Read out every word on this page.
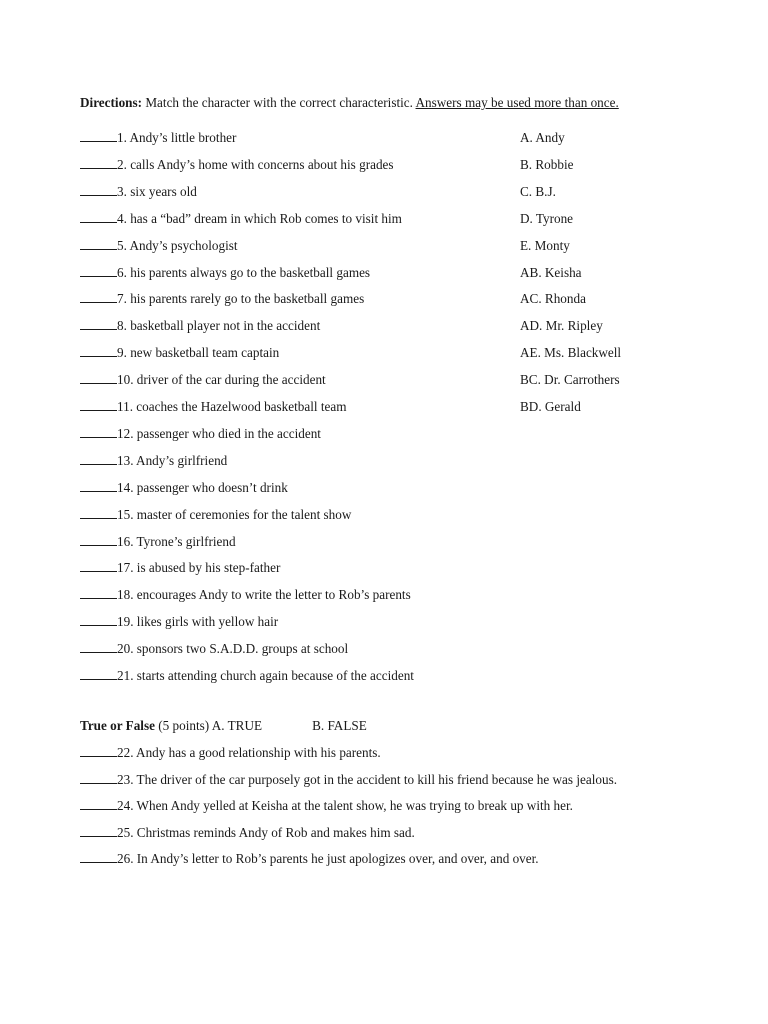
Directions: Match the character with the correct characteristic. Answers may be used more than once.
1. Andy’s little brother
2. calls Andy’s home with concerns about his grades
3. six years old
4. has a “bad” dream in which Rob comes to visit him
5. Andy’s psychologist
6. his parents always go to the basketball games
7. his parents rarely go to the basketball games
8. basketball player not in the accident
9. new basketball team captain
10. driver of the car during the accident
11. coaches the Hazelwood basketball team
12. passenger who died in the accident
13. Andy’s girlfriend
14. passenger who doesn’t drink
15. master of ceremonies for the talent show
16. Tyrone’s girlfriend
17. is abused by his step-father
18. encourages Andy to write the letter to Rob’s parents
19. likes girls with yellow hair
20. sponsors two S.A.D.D. groups at school
21. starts attending church again because of the accident
A. Andy
B. Robbie
C. B.J.
D. Tyrone
E. Monty
AB. Keisha
AC. Rhonda
AD. Mr. Ripley
AE. Ms. Blackwell
BC. Dr. Carrothers
BD. Gerald
True or False (5 points) A. TRUE	B. FALSE
22. Andy has a good relationship with his parents.
23. The driver of the car purposely got in the accident to kill his friend because he was jealous.
24. When Andy yelled at Keisha at the talent show, he was trying to break up with her.
25. Christmas reminds Andy of Rob and makes him sad.
26. In Andy’s letter to Rob’s parents he just apologizes over, and over, and over.
